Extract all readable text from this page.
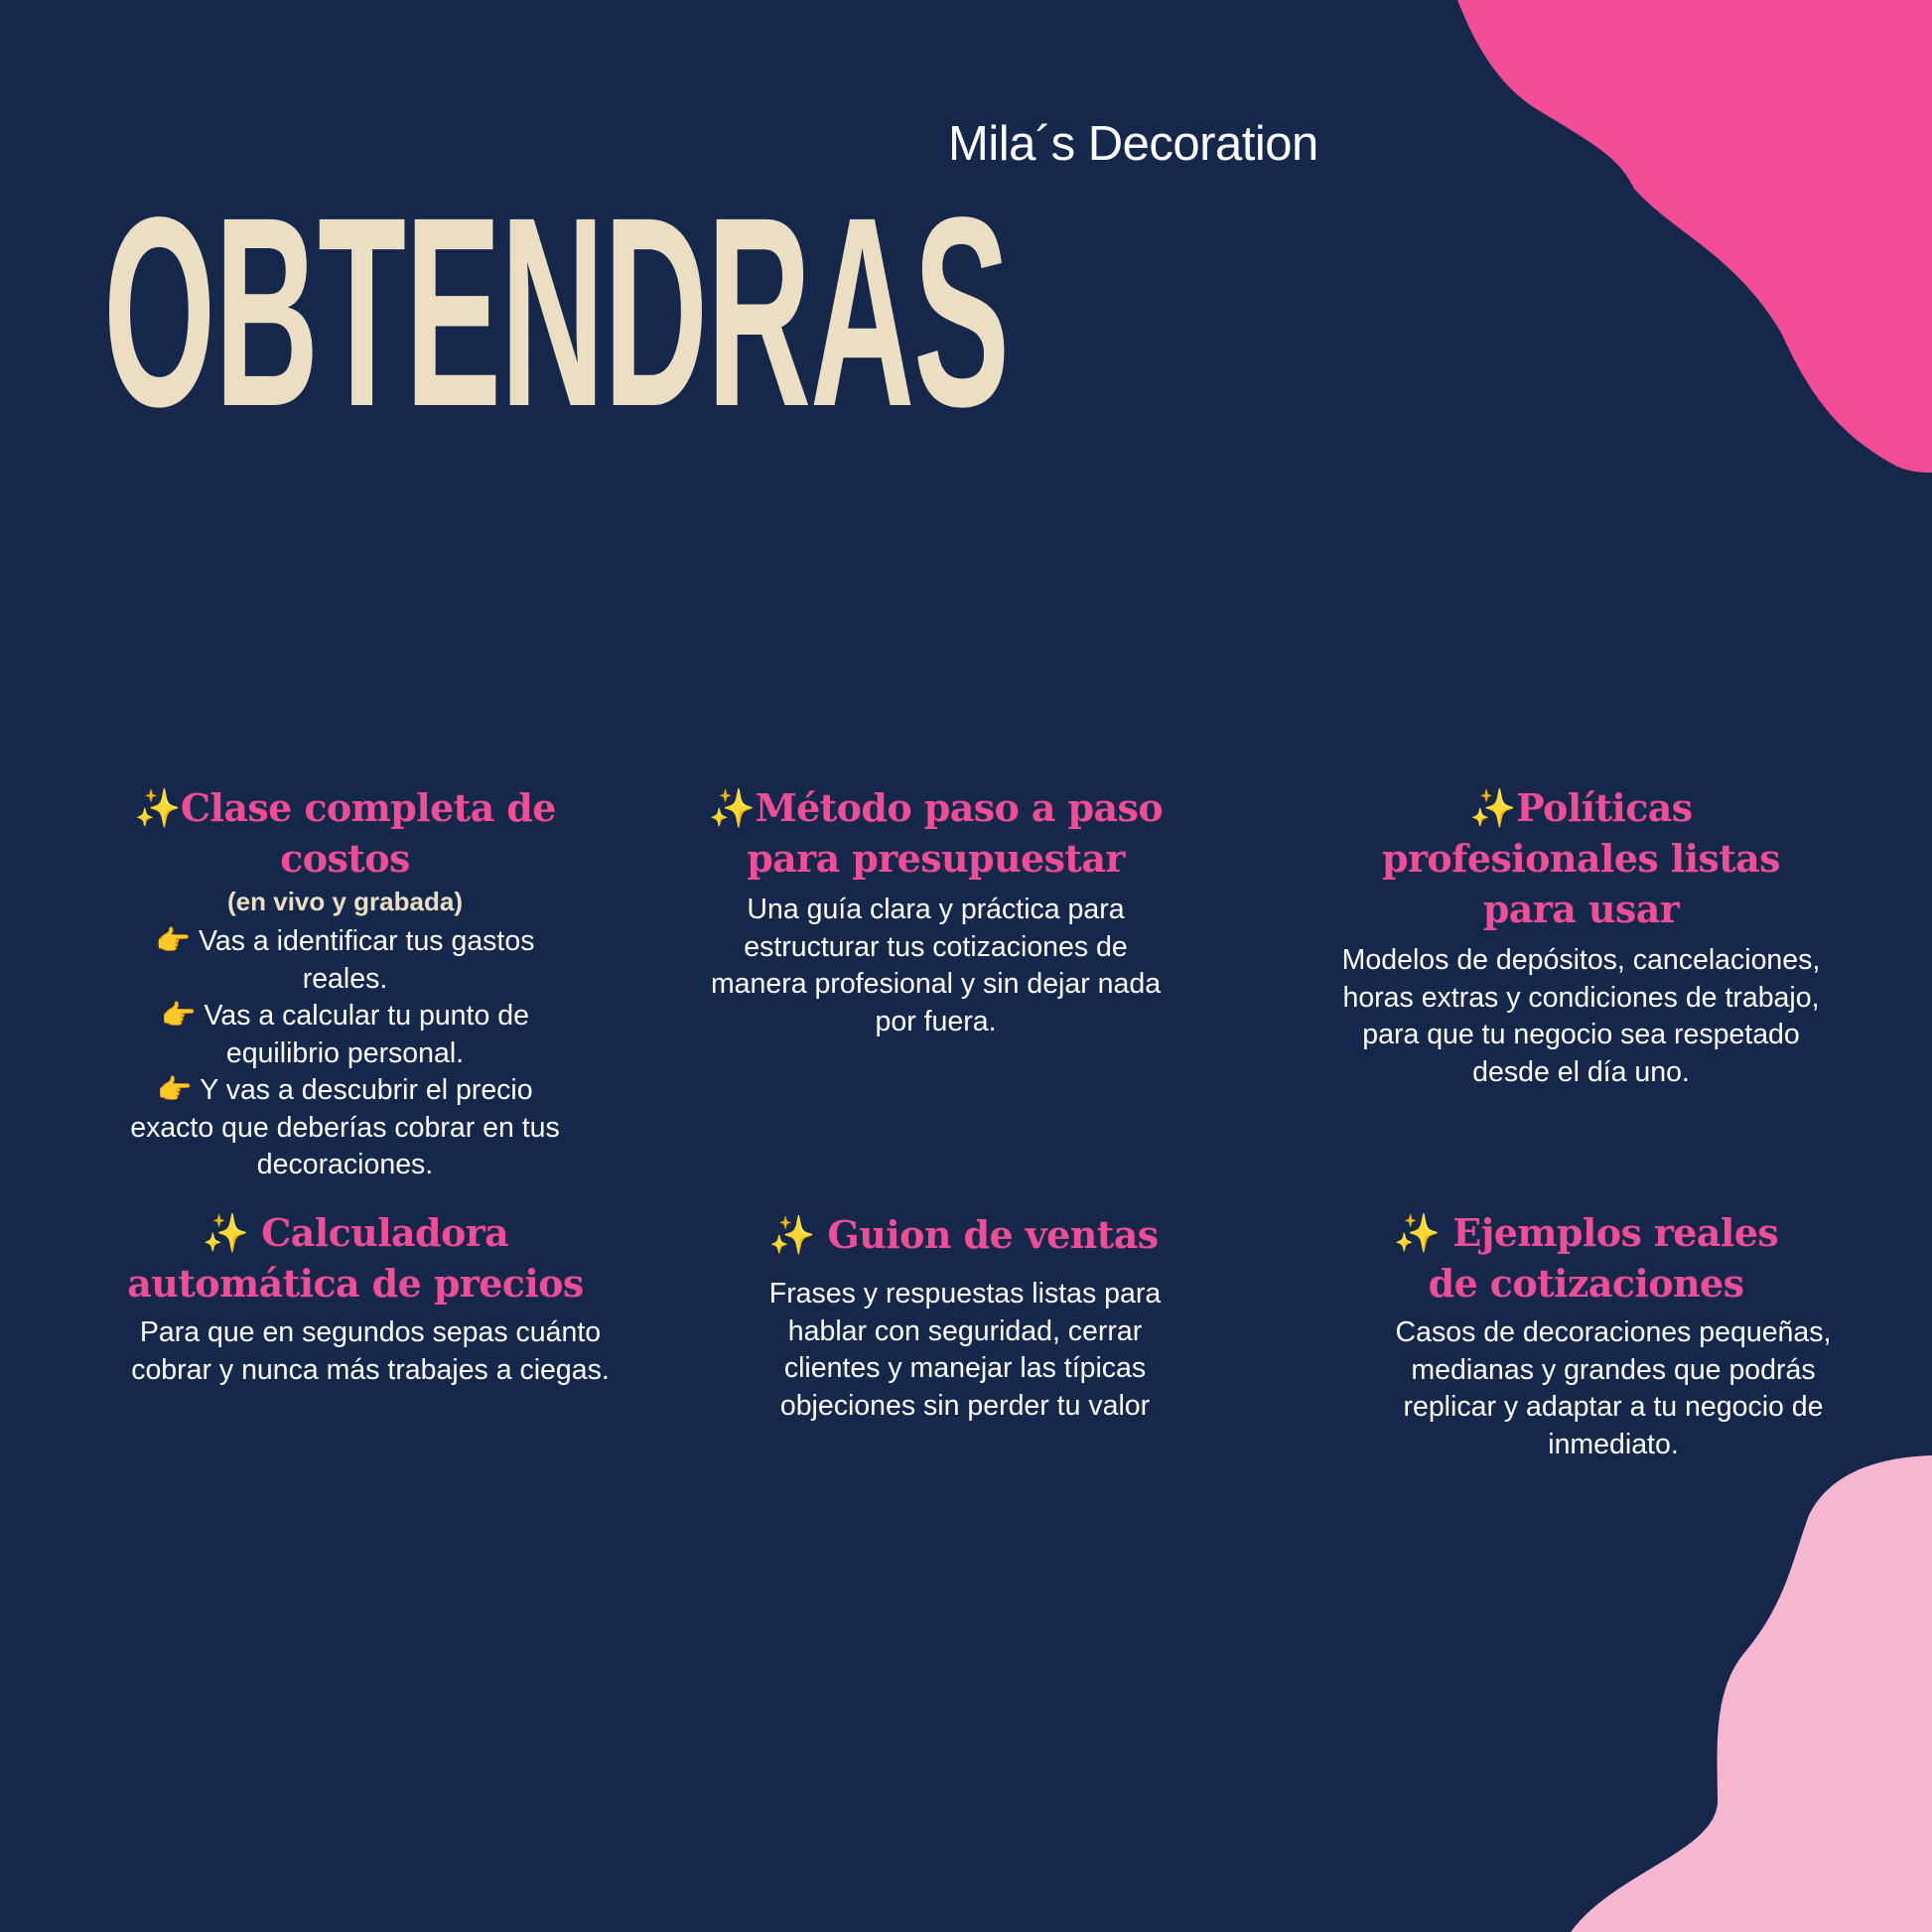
Mila´s Decoration
OBTENDRAS
✨Clase completa de costos
(en vivo y grabada)
👉 Vas a identificar tus gastos reales.
👉 Vas a calcular tu punto de equilibrio personal.
👉 Y vas a descubrir el precio exacto que deberías cobrar en tus decoraciones.
✨Método paso a paso para presupuestar
Una guía clara y práctica para estructurar tus cotizaciones de manera profesional y sin dejar nada por fuera.
✨Políticas profesionales listas para usar
Modelos de depósitos, cancelaciones, horas extras y condiciones de trabajo, para que tu negocio sea respetado desde el día uno.
✨ Calculadora automática de precios
Para que en segundos sepas cuánto cobrar y nunca más trabajes a ciegas.
✨ Guion de ventas
Frases y respuestas listas para hablar con seguridad, cerrar clientes y manejar las típicas objeciones sin perder tu valor
✨ Ejemplos reales de cotizaciones
Casos de decoraciones pequeñas, medianas y grandes que podrás replicar y adaptar a tu negocio de inmediato.
